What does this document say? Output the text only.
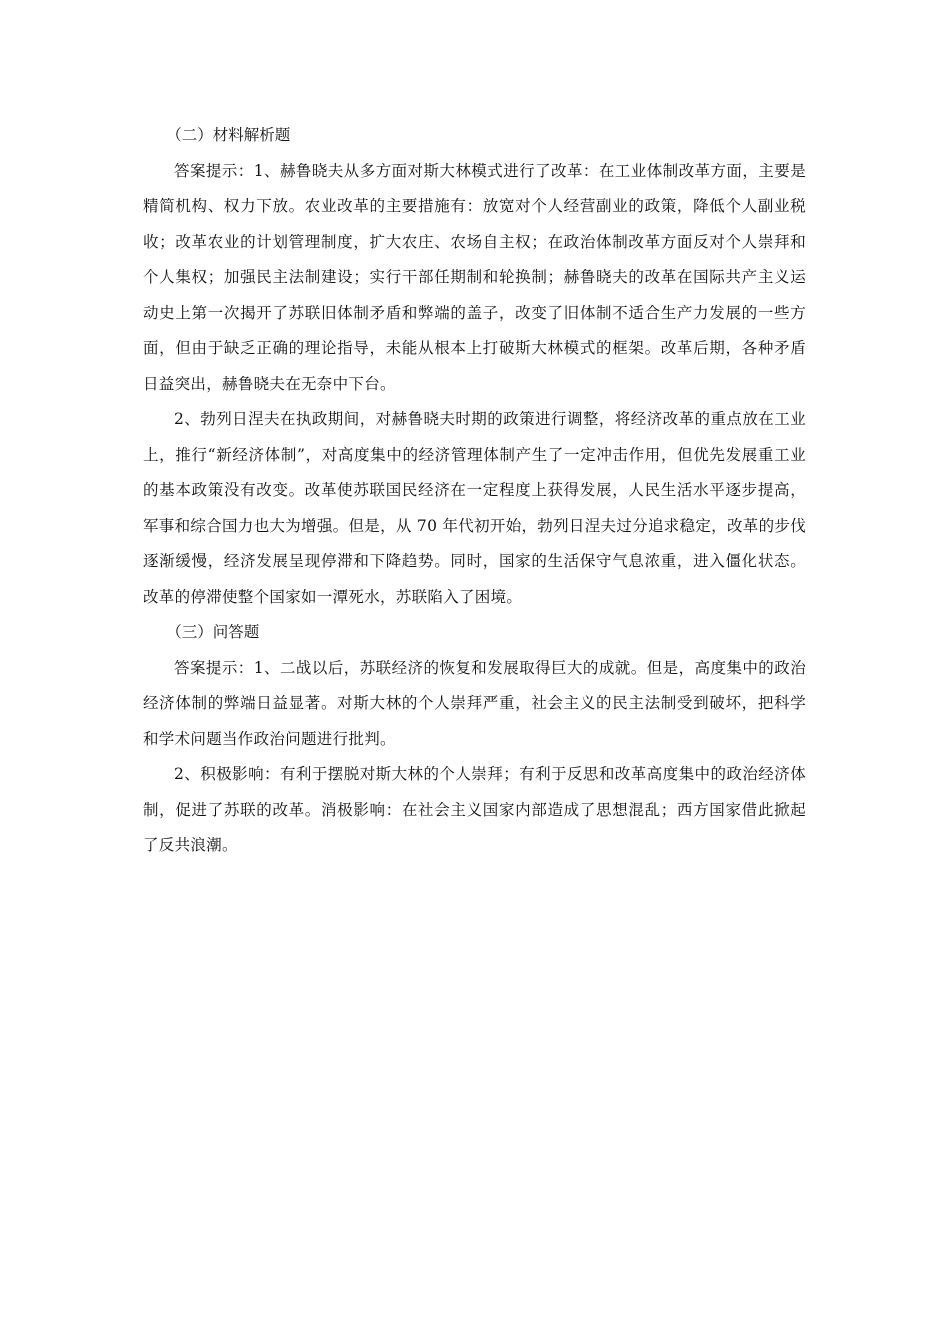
（二）材料解析题

答案提示：1、赫鲁晓夫从多方面对斯大林模式进行了改革：在工业体制改革方面，主要是精简机构、权力下放。农业改革的主要措施有：放宽对个人经营副业的政策，降低个人副业税收；改革农业的计划管理制度，扩大农庄、农场自主权；在政治体制改革方面反对个人崇拜和个人集权；加强民主法制建设；实行干部任期制和轮换制；赫鲁晓夫的改革在国际共产主义运动史上第一次揭开了苏联旧体制矛盾和弊端的盖子，改变了旧体制不适合生产力发展的一些方面，但由于缺乏正确的理论指导，未能从根本上打破斯大林模式的框架。改革后期，各种矛盾日益突出，赫鲁晓夫在无奈中下台。

2、勃列日涅夫在执政期间，对赫鲁晓夫时期的政策进行调整，将经济改革的重点放在工业上，推行“新经济体制”，对高度集中的经济管理体制产生了一定冲击作用，但优先发展重工业的基本政策没有改变。改革使苏联国民经济在一定程度上获得发展，人民生活水平逐步提高，军事和综合国力也大为增强。但是，从 70 年代初开始，勃列日涅夫过分追求稳定，改革的步伐逐渐缓慢，经济发展呈现停滞和下降趋势。同时，国家的生活保守气息浓重，进入僵化状态。改革的停滞使整个国家如一潭死水，苏联陷入了困境。

（三）问答题

答案提示：1、二战以后，苏联经济的恢复和发展取得巨大的成就。但是，高度集中的政治经济体制的弊端日益显著。对斯大林的个人崇拜严重，社会主义的民主法制受到破坏，把科学和学术问题当作政治问题进行批判。

2、积极影响：有利于摆脱对斯大林的个人崇拜；有利于反思和改革高度集中的政治经济体制，促进了苏联的改革。消极影响：在社会主义国家内部造成了思想混乱；西方国家借此掀起了反共浪潮。
